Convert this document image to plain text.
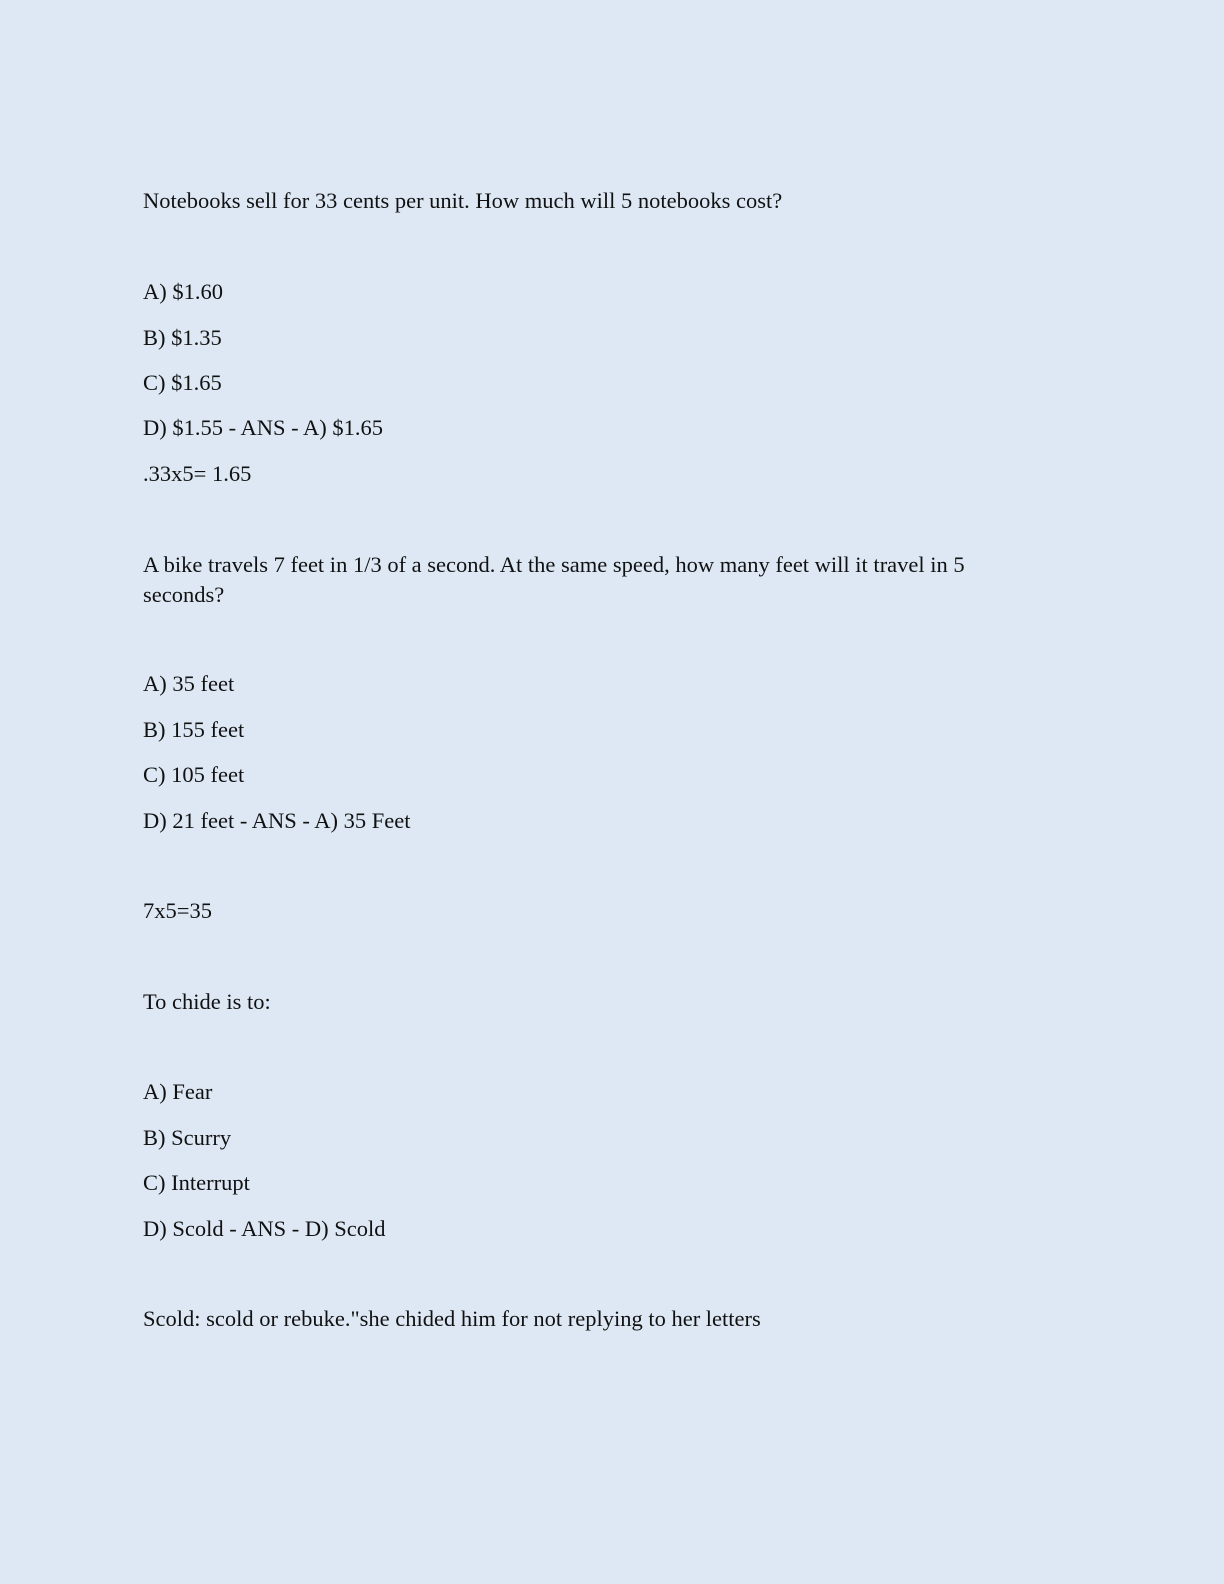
Notebooks sell for 33 cents per unit. How much will 5 notebooks cost?

A) $1.60

B) $1.35

C) $1.65

D) $1.55 - ANS - A) $1.65

.33x5= 1.65

A bike travels 7 feet in 1/3 of a second. At the same speed, how many feet will it travel in 5 seconds?

A) 35 feet

B) 155 feet

C) 105 feet

D) 21 feet - ANS - A) 35 Feet

7x5=35

To chide is to:

A) Fear

B) Scurry

C) Interrupt

D) Scold - ANS - D) Scold

Scold: scold or rebuke."she chided him for not replying to her letters
